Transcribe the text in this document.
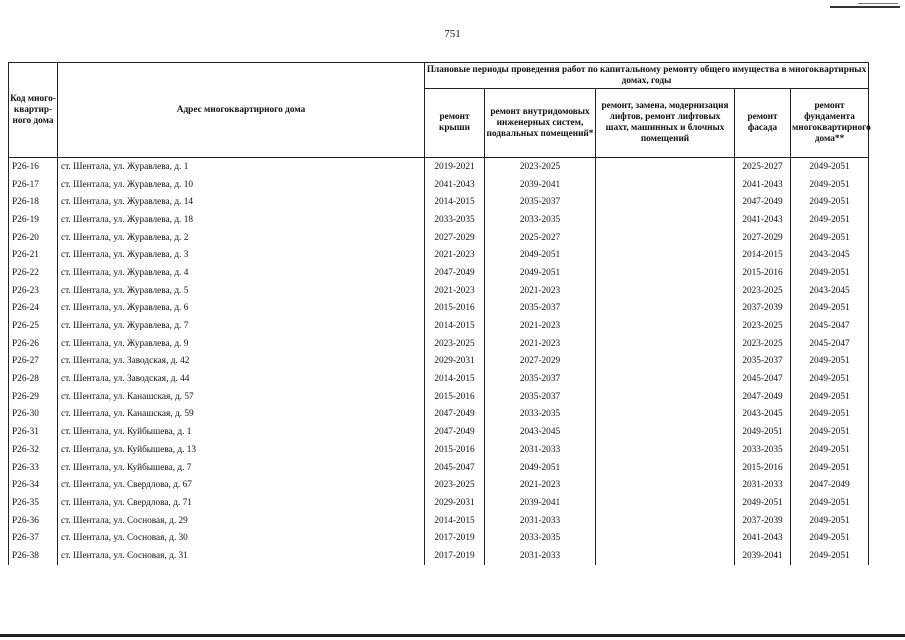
751
Код много-квартир-ного дома	Адрес многоквартирного дома	Плановые периоды проведения работ по капитальному ремонту общего имущества в многоквартирных домах, годы				
		ремонт крыши	ремонт внутридомовых инженерных систем, подвальных помещений*	ремонт, замена, модернизация лифтов, ремонт лифтовых шахт, машинных и блочных помещений	ремонт фасада	ремонт фундамента многоквартирного дома**
Р26-16	ст. Шентала, ул. Журавлева, д. 1	2019-2021	2023-2025		2025-2027	2049-2051
Р26-17	ст. Шентала, ул. Журавлева, д. 10	2041-2043	2039-2041		2041-2043	2049-2051
Р26-18	ст. Шентала, ул. Журавлева, д. 14	2014-2015	2035-2037		2047-2049	2049-2051
Р26-19	ст. Шентала, ул. Журавлева, д. 18	2033-2035	2033-2035		2041-2043	2049-2051
Р26-20	ст. Шентала, ул. Журавлева, д. 2	2027-2029	2025-2027		2027-2029	2049-2051
Р26-21	ст. Шентала, ул. Журавлева, д. 3	2021-2023	2049-2051		2014-2015	2043-2045
Р26-22	ст. Шентала, ул. Журавлева, д. 4	2047-2049	2049-2051		2015-2016	2049-2051
Р26-23	ст. Шентала, ул. Журавлева, д. 5	2021-2023	2021-2023		2023-2025	2043-2045
Р26-24	ст. Шентала, ул. Журавлева, д. 6	2015-2016	2035-2037		2037-2039	2049-2051
Р26-25	ст. Шентала, ул. Журавлева, д. 7	2014-2015	2021-2023		2023-2025	2045-2047
Р26-26	ст. Шентала, ул. Журавлева, д. 9	2023-2025	2021-2023		2023-2025	2045-2047
Р26-27	ст. Шентала, ул. Заводская, д. 42	2029-2031	2027-2029		2035-2037	2049-2051
Р26-28	ст. Шентала, ул. Заводская, д. 44	2014-2015	2035-2037		2045-2047	2049-2051
Р26-29	ст. Шентала, ул. Канашская, д. 57	2015-2016	2035-2037		2047-2049	2049-2051
Р26-30	ст. Шентала, ул. Канашская, д. 59	2047-2049	2033-2035		2043-2045	2049-2051
Р26-31	ст. Шентала, ул. Куйбышева, д. 1	2047-2049	2043-2045		2049-2051	2049-2051
Р26-32	ст. Шентала, ул. Куйбышева, д. 13	2015-2016	2031-2033		2033-2035	2049-2051
Р26-33	ст. Шентала, ул. Куйбышева, д. 7	2045-2047	2049-2051		2015-2016	2049-2051
Р26-34	ст. Шентала, ул. Свердлова, д. 67	2023-2025	2021-2023		2031-2033	2047-2049
Р26-35	ст. Шентала, ул. Свердлова, д. 71	2029-2031	2039-2041		2049-2051	2049-2051
Р26-36	ст. Шентала, ул. Сосновая, д. 29	2014-2015	2031-2033		2037-2039	2049-2051
Р26-37	ст. Шентала, ул. Сосновая, д. 30	2017-2019	2033-2035		2041-2043	2049-2051
Р26-38	ст. Шентала, ул. Сосновая, д. 31	2017-2019	2031-2033		2039-2041	2049-2051
